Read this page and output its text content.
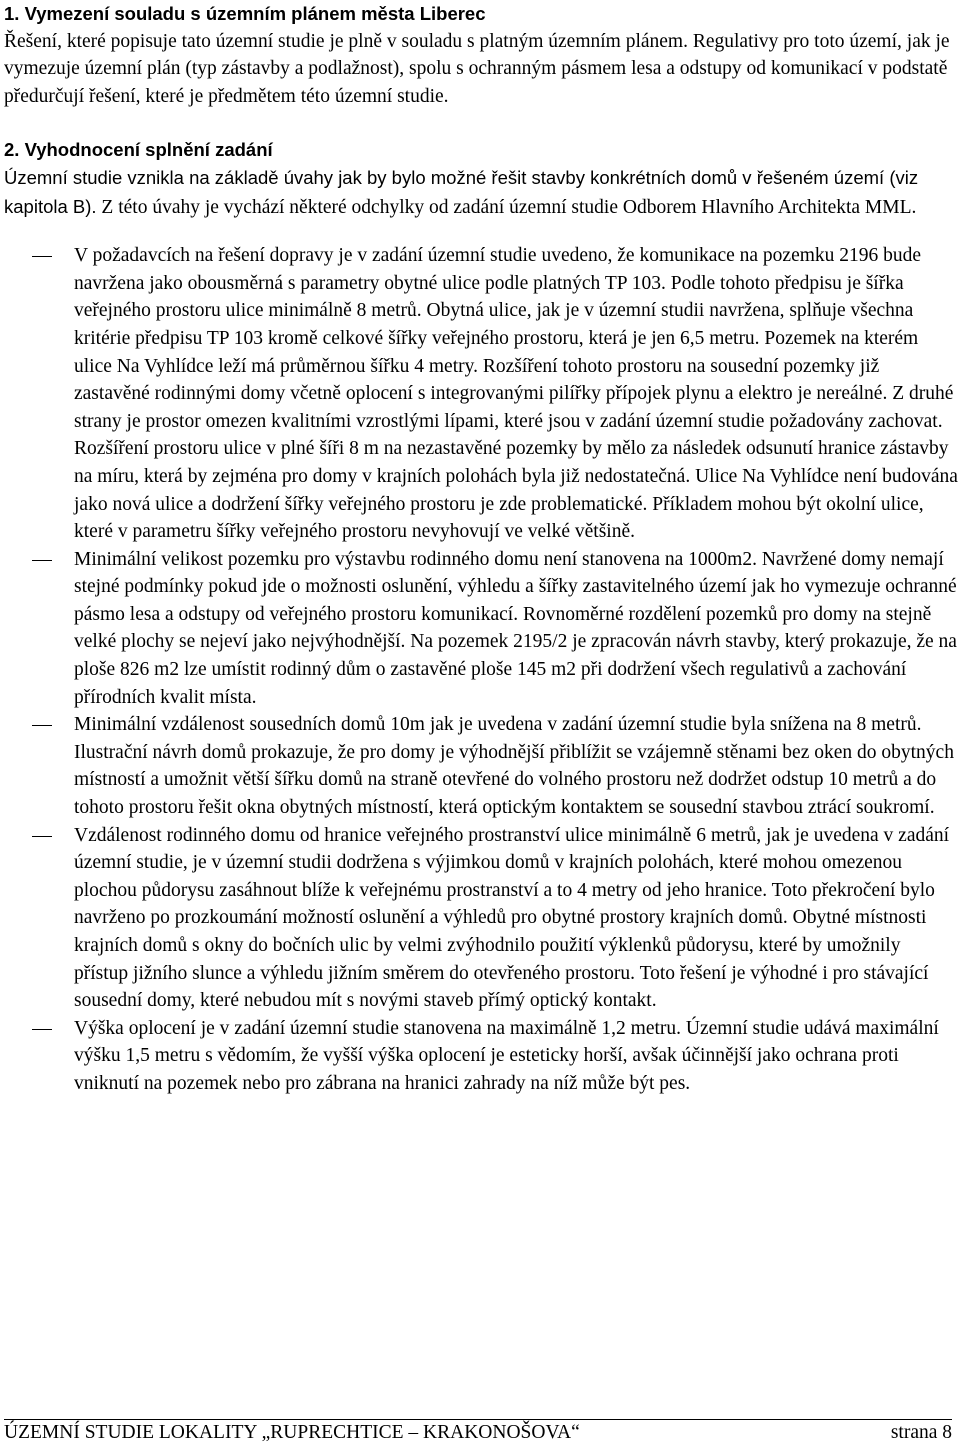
1. Vymezení souladu s územním plánem města Liberec

Řešení, které popisuje tato územní studie je plně v souladu s platným územním plánem. Regulativy pro toto území, jak je vymezuje územní plán (typ zástavby a podlažnost), spolu s ochranným pásmem lesa a odstupy od komunikací v podstatě předurčují řešení, které je předmětem této územní studie.

2. Vyhodnocení splnění zadání

Územní studie vznikla na základě úvahy jak by bylo možné řešit stavby konkrétních domů v řešeném území (viz kapitola B). Z této úvahy je vychází některé odchylky od zadání územní studie Odborem Hlavního Architekta MML.

V požadavcích na řešení dopravy je v zadání územní studie uvedeno, že komunikace na pozemku 2196 bude navržena jako obousměrná s parametry obytné ulice podle platných TP 103. Podle tohoto předpisu je šířka veřejného prostoru ulice minimálně 8 metrů. Obytná ulice, jak je v územní studii navržena, splňuje všechna kritérie předpisu TP 103 kromě celkové šířky veřejného prostoru, která je jen 6,5 metru. Pozemek na kterém ulice Na Vyhlídce leží má průměrnou šířku 4 metry. Rozšíření tohoto prostoru na sousední pozemky již zastavěné rodinnými domy včetně oplocení s integrovanými pilířky přípojek plynu a elektro je nereálné. Z druhé strany je prostor omezen kvalitními vzrostlými lípami, které jsou v zadání územní studie požadovány zachovat. Rozšíření prostoru ulice v plné šíři 8 m na nezastavěné pozemky by mělo za následek odsunutí hranice zástavby na míru, která by zejména pro domy v krajních polohách byla již nedostatečná. Ulice Na Vyhlídce není budována jako nová ulice a dodržení šířky veřejného prostoru je zde problematické. Příkladem mohou být okolní ulice, které v parametru šířky veřejného prostoru nevyhovují ve velké většině.
Minimální velikost pozemku pro výstavbu rodinného domu není stanovena na 1000m2. Navržené domy nemají stejné podmínky pokud jde o možnosti oslunění, výhledu a šířky zastavitelného území jak ho vymezuje ochranné pásmo lesa a odstupy od veřejného prostoru komunikací. Rovnoměrné rozdělení pozemků pro domy na stejně velké plochy se nejeví jako nejvýhodnější. Na pozemek 2195/2 je zpracován návrh stavby, který prokazuje, že na ploše 826 m2 lze umístit rodinný dům o zastavěné ploše 145 m2 při dodržení všech regulativů a zachování přírodních kvalit místa.
Minimální vzdálenost sousedních domů 10m jak je uvedena v zadání územní studie byla snížena na 8 metrů. Ilustrační návrh domů prokazuje, že pro domy je výhodnější přiblížit se vzájemně stěnami bez oken do obytných místností a umožnit větší šířku domů na straně otevřené do volného prostoru než dodržet odstup 10 metrů a do tohoto prostoru řešit okna obytných místností, která optickým kontaktem se sousední stavbou ztrácí soukromí.
Vzdálenost rodinného domu od hranice veřejného prostranství ulice minimálně 6 metrů, jak je uvedena v zadání územní studie, je v územní studii dodržena s výjimkou domů v krajních polohách, které mohou omezenou plochou půdorysu zasáhnout blíže k veřejnému prostranství a to 4 metry od jeho hranice. Toto překročení bylo navrženo po prozkoumání možností oslunění a výhledů pro obytné prostory krajních domů. Obytné místnosti krajních domů s okny do bočních ulic by velmi zvýhodnilo použití výklenků půdorysu, které by umožnily přístup jižního slunce a výhledu jižním směrem do otevřeného prostoru. Toto řešení je výhodné i pro stávající sousední domy, které nebudou mít s novými staveb přímý optický kontakt.
Výška oplocení je v zadání územní studie stanovena na maximálně 1,2 metru. Územní studie udává maximální výšku 1,5 metru s vědomím, že vyšší výška oplocení je esteticky horší, avšak účinnější jako ochrana proti vniknutí na pozemek nebo pro zábrana na hranici zahrady na níž může být pes.
ÚZEMNÍ STUDIE LOKALITY „RUPRECHTICE – KRAKONOŠOVA“	strana 8
